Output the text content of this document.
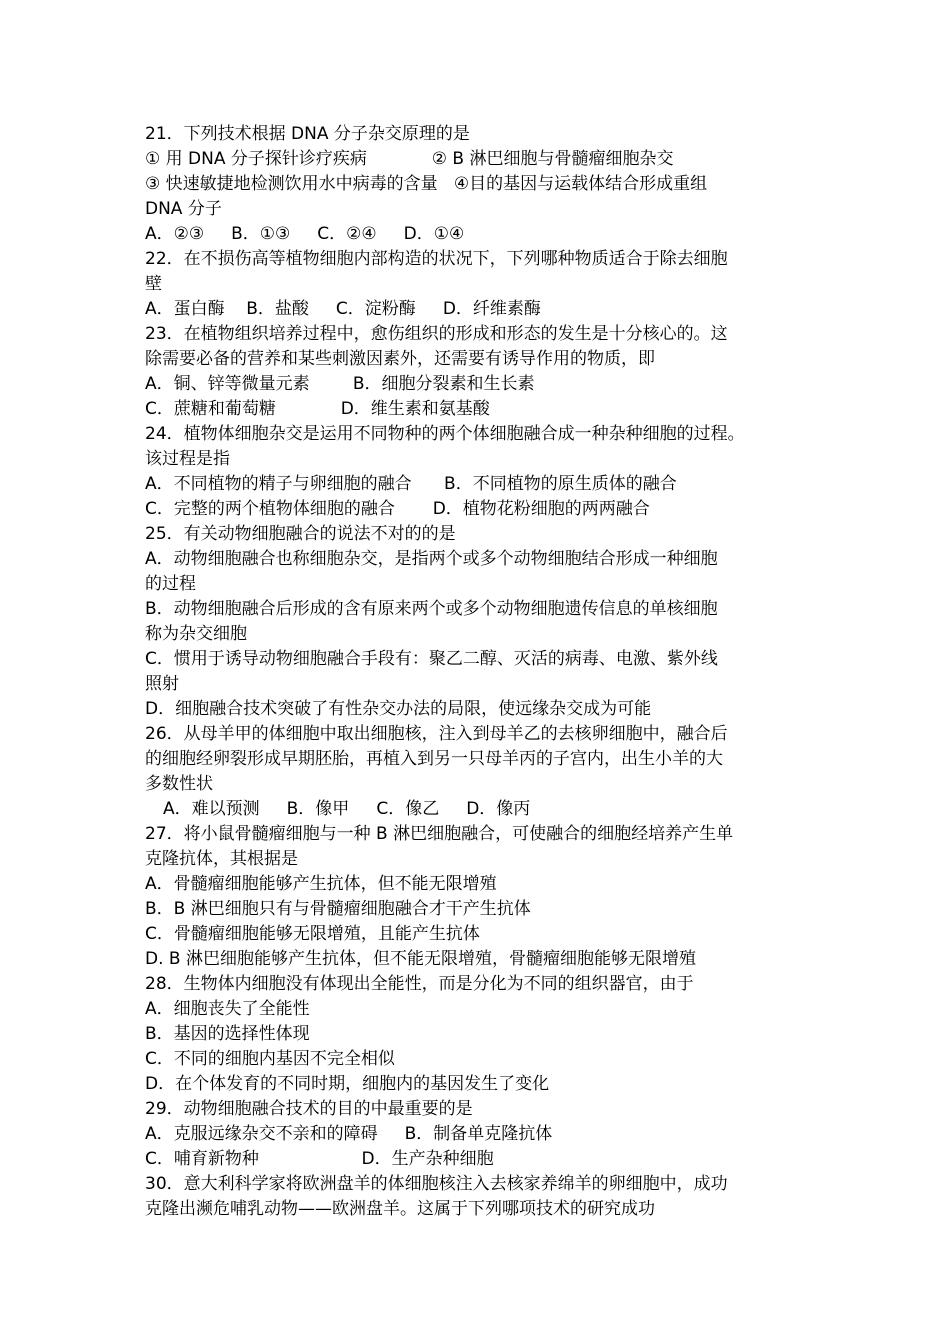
21．下列技术根据 DNA 分子杂交原理的是
① 用 DNA 分子探针诊疗疾病            ② B 淋巴细胞与骨髓瘤细胞杂交
③ 快速敏捷地检测饮用水中病毒的含量   ④目的基因与运载体结合形成重组
DNA 分子
A．②③     B．①③     C．②④     D．①④
22．在不损伤高等植物细胞内部构造的状况下，下列哪种物质适合于除去细胞
壁
A．蛋白酶    B．盐酸     C．淀粉酶     D．纤维素酶
23．在植物组织培养过程中，愈伤组织的形成和形态的发生是十分核心的。这
除需要必备的营养和某些刺激因素外，还需要有诱导作用的物质，即
A．铜、锌等微量元素        B．细胞分裂素和生长素
C．蔗糖和葡萄糖            D．维生素和氨基酸
24．植物体细胞杂交是运用不同物种的两个体细胞融合成一种杂种细胞的过程。
该过程是指
A．不同植物的精子与卵细胞的融合      B．不同植物的原生质体的融合
C．完整的两个植物体细胞的融合       D．植物花粉细胞的两两融合
25．有关动物细胞融合的说法不对的的是
A．动物细胞融合也称细胞杂交，是指两个或多个动物细胞结合形成一种细胞
的过程
B．动物细胞融合后形成的含有原来两个或多个动物细胞遗传信息的单核细胞
称为杂交细胞
C．惯用于诱导动物细胞融合手段有：聚乙二醇、灭活的病毒、电激、紫外线
照射
D．细胞融合技术突破了有性杂交办法的局限，使远缘杂交成为可能
26．从母羊甲的体细胞中取出细胞核，注入到母羊乙的去核卵细胞中，融合后
的细胞经卵裂形成早期胚胎，再植入到另一只母羊丙的子宫内，出生小羊的大
多数性状
A．难以预测     B．像甲     C．像乙     D．像丙
27．将小鼠骨髓瘤细胞与一种 B 淋巴细胞融合，可使融合的细胞经培养产生单
克隆抗体，其根据是
A．骨髓瘤细胞能够产生抗体，但不能无限增殖
B．B 淋巴细胞只有与骨髓瘤细胞融合才干产生抗体
C．骨髓瘤细胞能够无限增殖，且能产生抗体
D. B 淋巴细胞能够产生抗体，但不能无限增殖，骨髓瘤细胞能够无限增殖
28．生物体内细胞没有体现出全能性，而是分化为不同的组织器官，由于
A．细胞丧失了全能性
B．基因的选择性体现
C．不同的细胞内基因不完全相似
D．在个体发育的不同时期，细胞内的基因发生了变化
29．动物细胞融合技术的目的中最重要的是
A．克服远缘杂交不亲和的障碍     B．制备单克隆抗体
C．哺育新物种                   D．生产杂种细胞
30．意大利科学家将欧洲盘羊的体细胞核注入去核家养绵羊的卵细胞中，成功
克隆出濒危哺乳动物——欧洲盘羊。这属于下列哪项技术的研究成功
